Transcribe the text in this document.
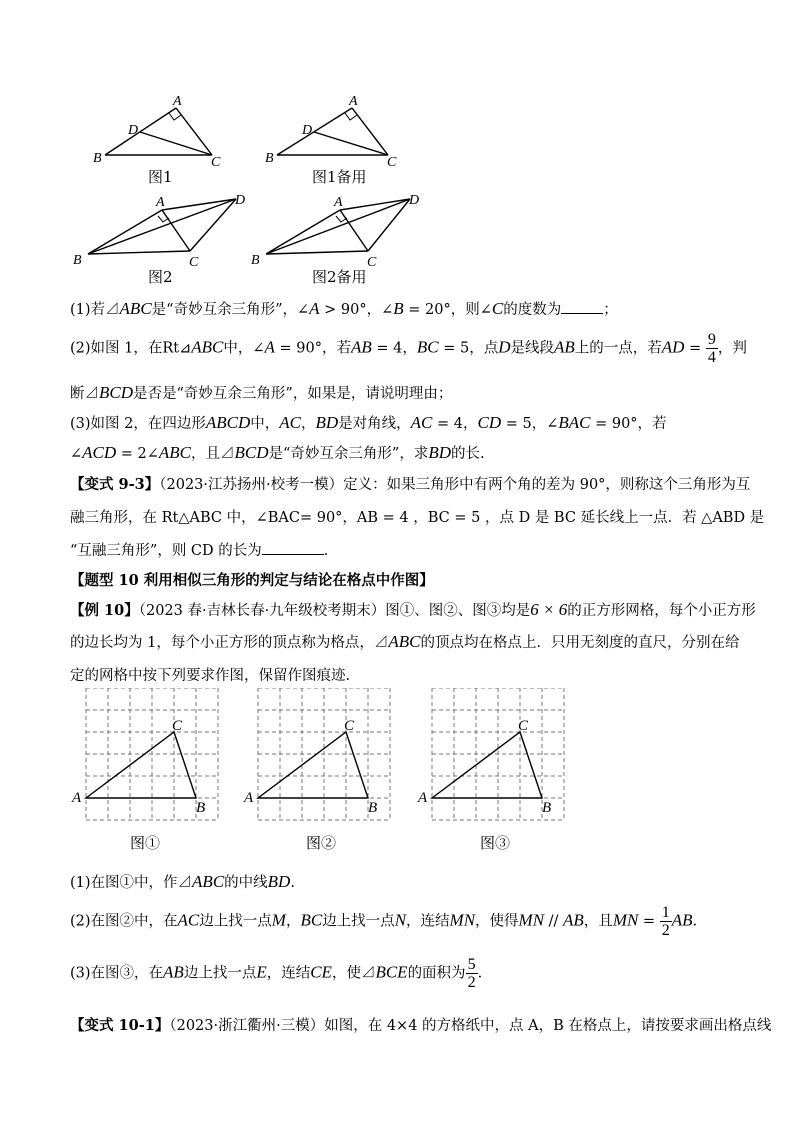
A
D
B	C
图1
A
D
B	C
图1备用
A	D
B	C
图2
A	D
B	C
图2备用
(1)若⊿ABC是“奇妙互余三角形”，∠A > 90°，∠B = 20°，则∠C的度数为	；
(2)如图 1，在Rt⊿ABC中，∠A = 90°，若AB = 4，BC = 5，点D是线段AB上的一点，若AD = $\frac{9}{4}$ ，判
断⊿BCD是否是“奇妙互余三角形”，如果是，请说明理由；
(3)如图 2，在四边形ABCD中，AC，BD是对角线，AC = 4，CD = 5，∠BAC = 90°，若
∠ACD = 2∠ABC，且⊿BCD是“奇妙互余三角形”，求BD的长.
【变式 9-3】（2023·江苏扬州·校考一模）定义：如果三角形中有两个角的差为 90°，则称这个三角形为互
融三角形，在 Rt△ABC 中，∠BAC= 90°，AB = 4 ，BC = 5 ，点 D 是 BC 延长线上一点．若 △ABD 是
“互融三角形”，则 CD 的长为	.
【题型 10 利用相似三角形的判定与结论在格点中作图】
【例 10】（2023 春·吉林长春·九年级校考期末）图①、图②、图③均是6 × 6的正方形网格，每个小正方形
的边长均为 1，每个小正方形的顶点称为格点，⊿ABC的顶点均在格点上．只用无刻度的直尺，分别在给
定的网格中按下列要求作图，保留作图痕迹.
A
C
B
图①
A
C
B
图②
A
C
B
图③
(1)在图①中，作⊿ABC的中线BD.
(2)在图②中，在AC边上找一点M，BC边上找一点N，连结MN，使得MN // AB，且MN = $\frac{1}{2}$ AB.
(3)在图③，在AB边上找一点E，连结CE，使⊿BCE的面积为 $\frac{5}{2}$ .
【变式 10-1】（2023·浙江衢州·三模）如图，在 4×4 的方格纸中，点 A，B 在格点上，请按要求画出格点线
